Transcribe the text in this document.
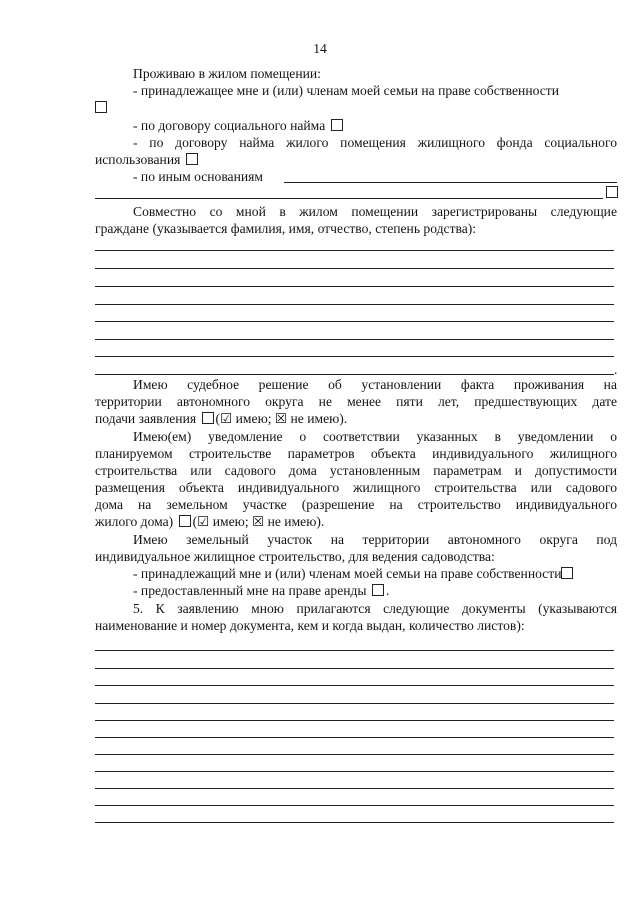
14
Проживаю в жилом помещении:
- принадлежащее мне и (или) членам моей семьи на праве собственности
- по договору социального найма
- по договору найма жилого помещения жилищного фонда социального
использования
- по иным основаниям
Совместно со мной в жилом помещении зарегистрированы следующие
граждане (указывается фамилия, имя, отчество, степень родства):
.
Имею судебное решение об установлении факта проживания на
территории автономного округа не менее пяти лет, предшествующих дате
подачи заявления (☑ имею; ☒ не имею).
Имею(ем) уведомление о соответствии указанных в уведомлении о
планируемом строительстве параметров объекта индивидуального жилищного
строительства или садового дома установленным параметрам и допустимости
размещения объекта индивидуального жилищного строительства или садового
дома на земельном участке (разрешение на строительство индивидуального
жилого дома) (☑ имею; ☒ не имею).
Имею земельный участок на территории автономного округа под
индивидуальное жилищное строительство, для ведения садоводства:
- принадлежащий мне и (или) членам моей семьи на праве собственности
- предоставленный мне на праве аренды .
5. К заявлению мною прилагаются следующие документы (указываются
наименование и номер документа, кем и когда выдан, количество листов):
